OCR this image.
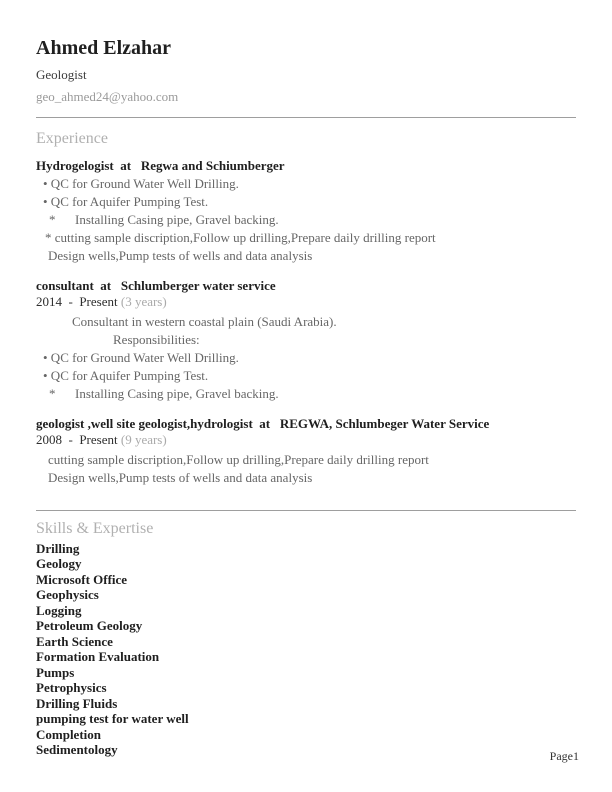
Ahmed Elzahar
Geologist
geo_ahmed24@yahoo.com
Experience
Hydrogelogist  at   Regwa and Schiumberger
• QC for Ground Water Well Drilling.
• QC for Aquifer Pumping Test.
*      Installing Casing pipe, Gravel backing.
* cutting sample discription,Follow up drilling,Prepare daily drilling report
Design wells,Pump tests of wells and data analysis
consultant  at   Schlumberger water service
2014  -  Present (3 years)
Consultant in western coastal plain (Saudi Arabia).
Responsibilities:
• QC for Ground Water Well Drilling.
• QC for Aquifer Pumping Test.
*      Installing Casing pipe, Gravel backing.
geologist ,well site geologist,hydrologist  at   REGWA, Schlumbeger Water Service
2008  -  Present (9 years)
cutting sample discription,Follow up drilling,Prepare daily drilling report
Design wells,Pump tests of wells and data analysis
Skills & Expertise
Drilling
Geology
Microsoft Office
Geophysics
Logging
Petroleum Geology
Earth Science
Formation Evaluation
Pumps
Petrophysics
Drilling Fluids
pumping test for water well
Completion
Sedimentology	Page1
